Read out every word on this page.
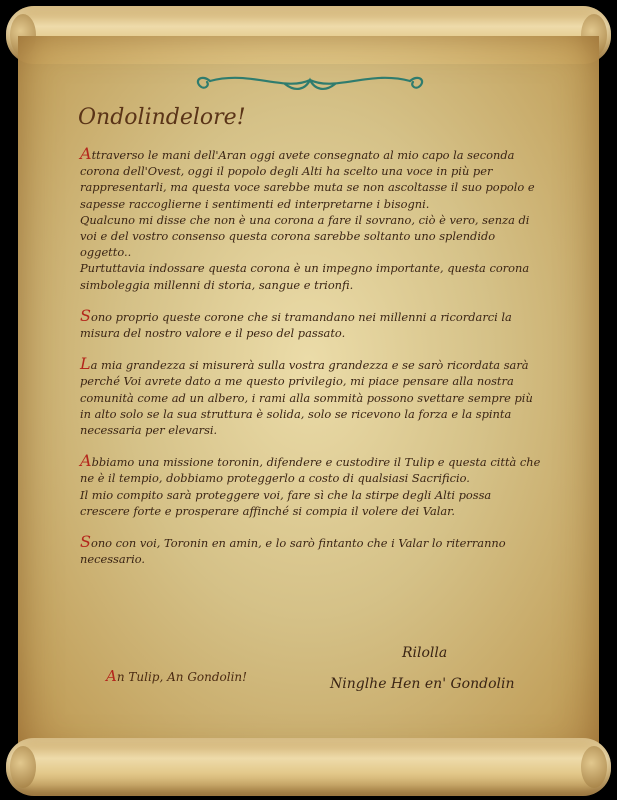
Ondolindelore!

Attraverso le mani dell'Aran oggi avete consegnato al mio capo la seconda
corona dell'Ovest, oggi il popolo degli Alti ha scelto una voce in più per
rappresentarli, ma questa voce sarebbe muta se non ascoltasse il suo popolo e
sapesse raccoglierne i sentimenti ed interpretarne i bisogni.
Qualcuno mi disse che non è una corona a fare il sovrano, ciò è vero, senza di
voi e del vostro consenso questa corona sarebbe soltanto uno splendido
oggetto..
Purtuttavia indossare questa corona è un impegno importante, questa corona
simboleggia millenni di storia, sangue e trionfi.

Sono proprio queste corone che si tramandano nei millenni a ricordarci la
misura del nostro valore e il peso del passato.

La mia grandezza si misurerà sulla vostra grandezza e se sarò ricordata sarà
perché Voi avrete dato a me questo privilegio, mi piace pensare alla nostra
comunità come ad un albero, i rami alla sommità possono svettare sempre più
in alto solo se la sua struttura è solida, solo se ricevono la forza e la spinta
necessaria per elevarsi.

Abbiamo una missione toronin, difendere e custodire il Tulip e questa città che
ne è il tempio, dobbiamo proteggerlo a costo di qualsiasi Sacrificio.
Il mio compito sarà proteggere voi, fare sì che la stirpe degli Alti possa
crescere forte e prosperare affinché si compia il volere dei Valar.

Sono con voi, Toronin en amin, e lo sarò fintanto che i Valar lo riterranno
necessario.

An Tulip, An Gondolin!
Rilolla
Ninglhe Hen en' Gondolin
